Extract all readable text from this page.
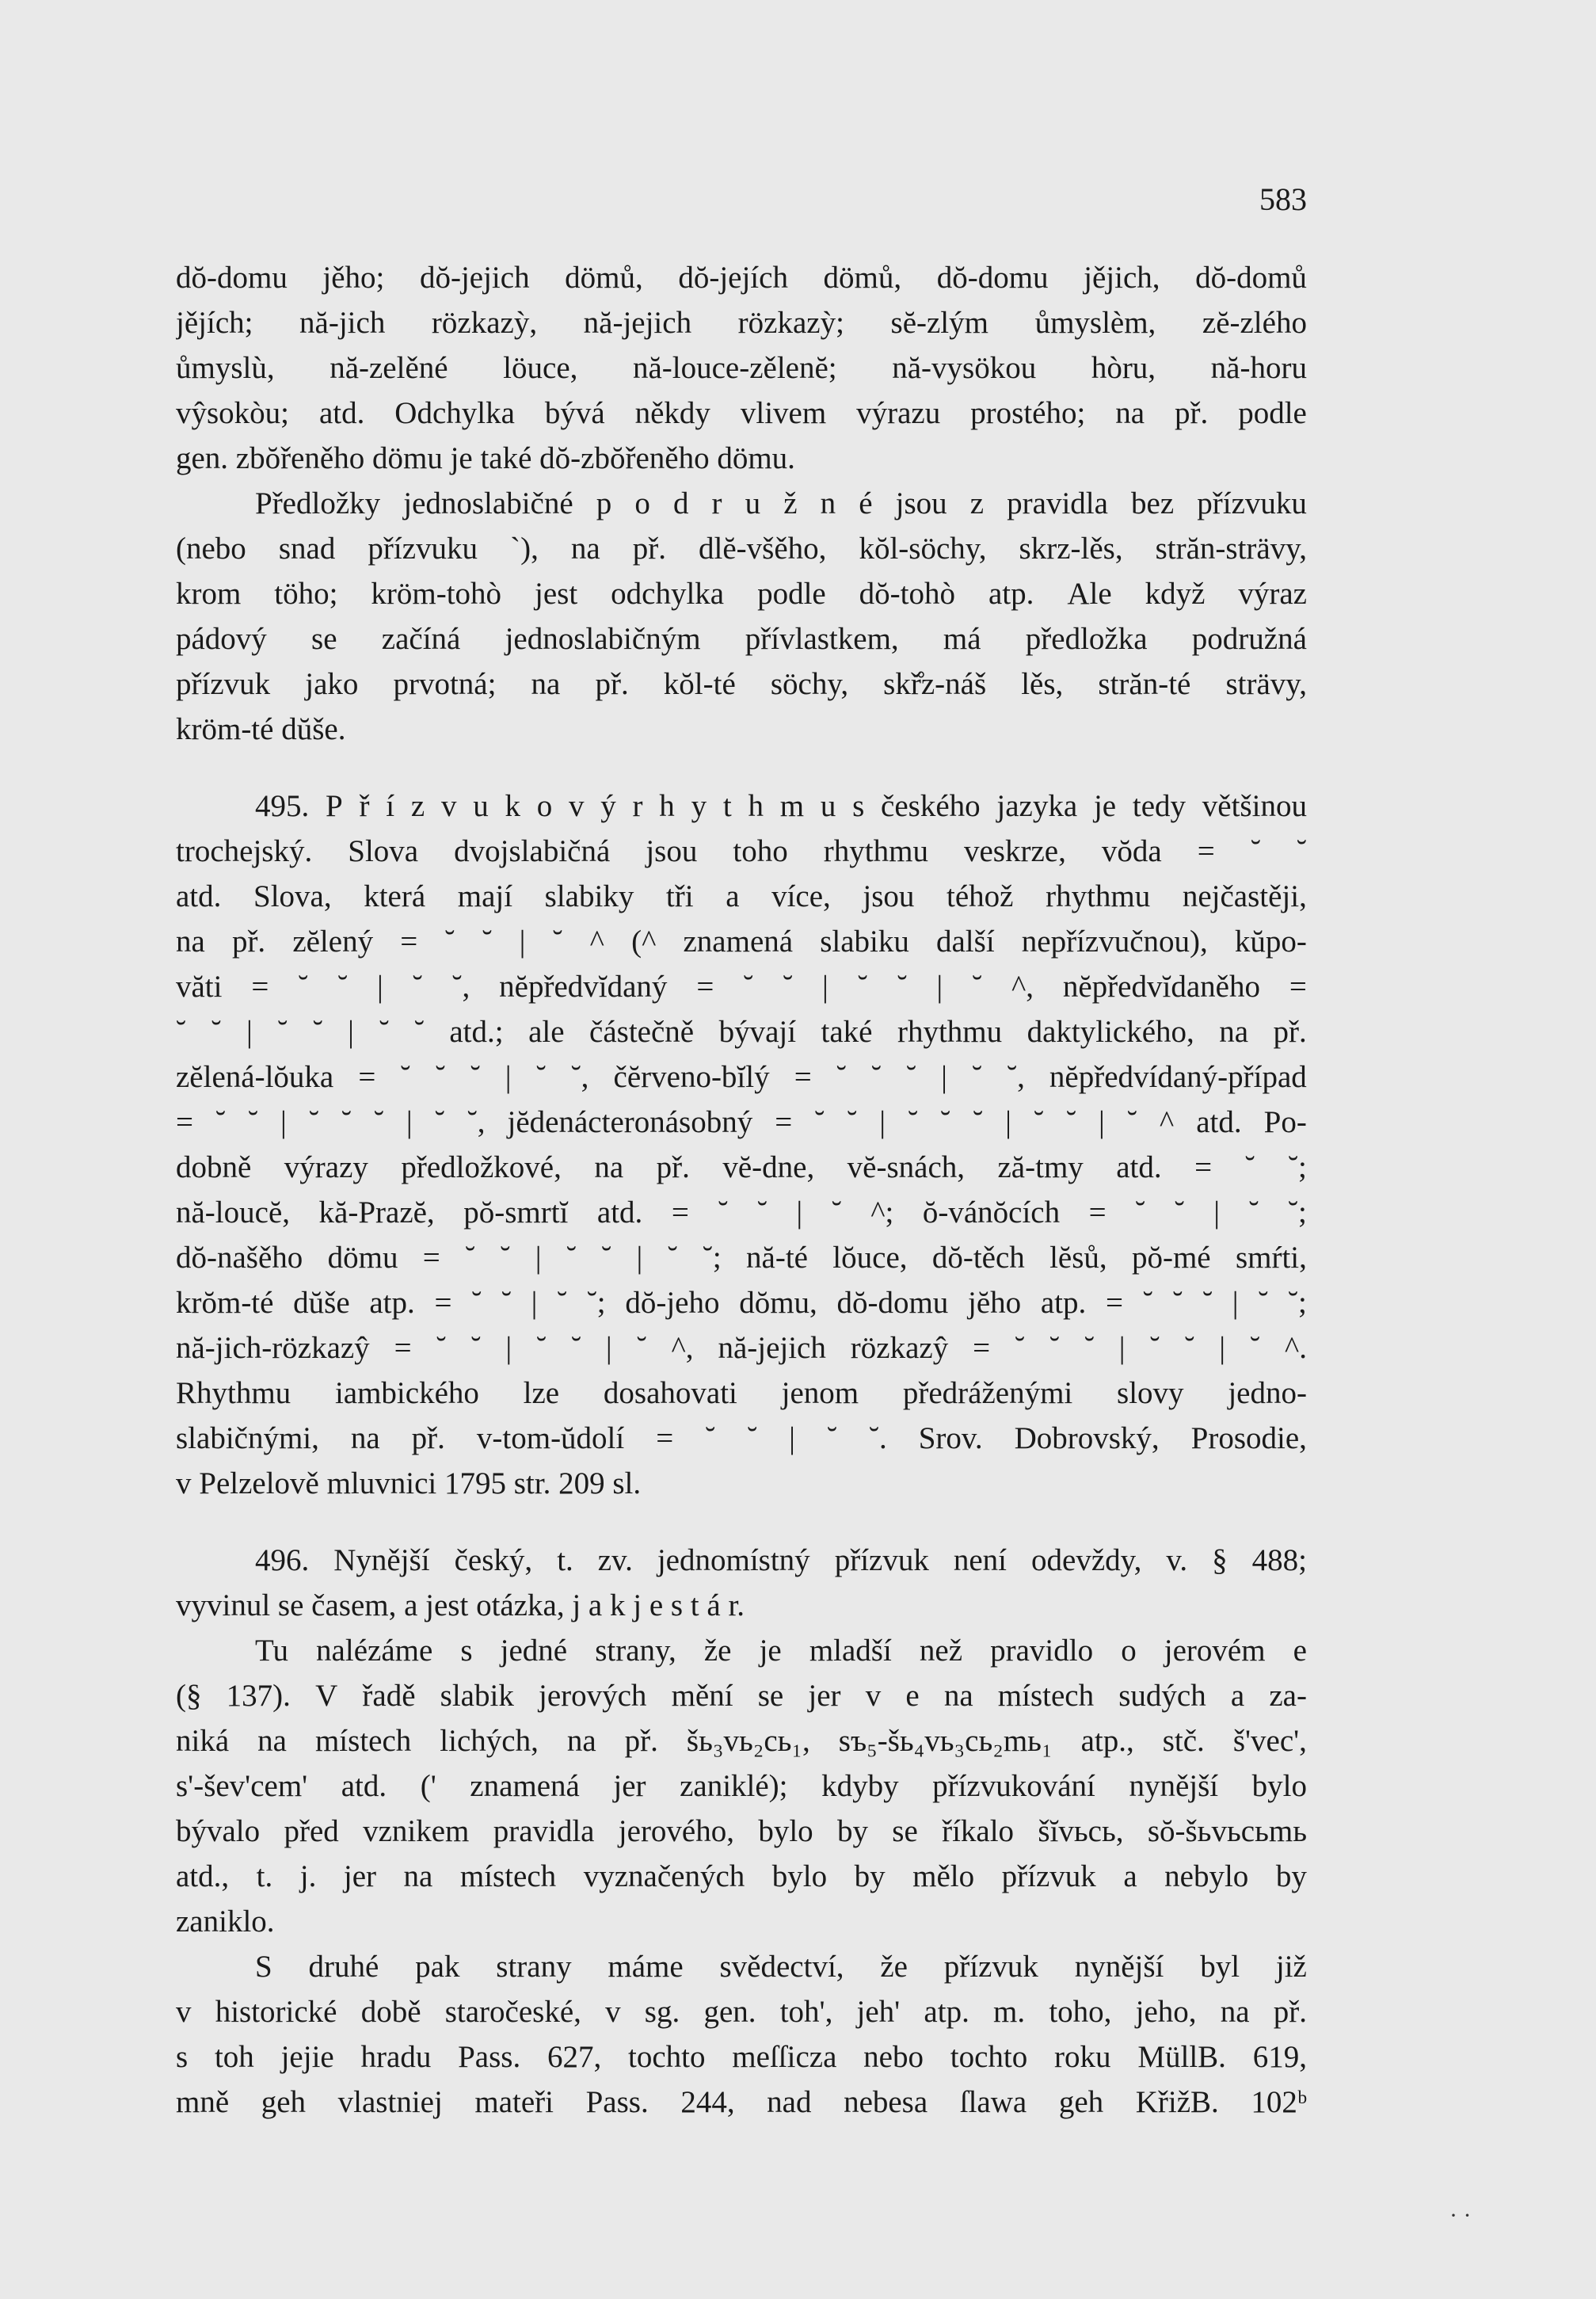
583
dŏ-domu jěho; dŏ-jejich dömů, dŏ-jejích dömů, dŏ-domu jějich, dŏ-domů
jějích; nă-jich rözkazỳ, nă-jejich rözkazỳ; sĕ-zlým ůmyslèm, zĕ-zlého
ůmyslù, nă-zelěné löuce, nă-louce-zělenĕ; nă-vysökou hòru, nă-horu
vŷsokòu; atd. Odchylka bývá někdy vlivem výrazu prostého; na př. podle
gen. zbŏřeněho dömu je také dŏ-zbŏřeněho dömu.
Předložky jednoslabičné p o d r u ž n é jsou z pravidla bez přízvuku
(nebo snad přízvuku ˋ), na př. dlĕ-všěho, kŏl-söchy, skrz-lěs, străn-strävy,
krom töho; kröm-tohò jest odchylka podle dŏ-tohò atp. Ale když výraz
pádový se začíná jednoslabičným přívlastkem, má předložka podružná
přízvuk jako prvotná; na př. kŏl-té söchy, skř̊z-náš lěs, străn-té strävy,
kröm-té dŭše.
495. P ř í z v u k o v ý r h y t h m u s českého jazyka je tedy většinou
trochejský. Slova dvojslabičná jsou toho rhythmu veskrze, vŏda = ˘ ˘
atd. Slova, která mají slabiky tři a více, jsou téhož rhythmu nejčastěji,
na př. zĕlený = ˘ ˘ | ˘ ^ (^ znamená slabiku další nepřízvučnou), kŭpo-
văti = ˘ ˘ | ˘ ˘, nĕpředvĭdaný = ˘ ˘ | ˘ ˘ | ˘ ^, nĕpředvĭdaněho =
˘ ˘ | ˘ ˘ | ˘ ˘ atd.; ale částečně bývají také rhythmu daktylického, na př.
zĕlená-lŏuka = ˘ ˘ ˘ | ˘ ˘, čĕrveno-bĭlý = ˘ ˘ ˘ | ˘ ˘, nĕpředvídaný-případ
= ˘ ˘ | ˘ ˘ ˘ | ˘ ˘, jĕdenácteronásobný = ˘ ˘ | ˘ ˘ ˘ | ˘ ˘ | ˘ ^ atd. Po-
dobně výrazy předložkové, na př. vĕ-dne, vĕ-snách, ză-tmy atd. = ˘ ˘;
nă-loucĕ, kă-Prazĕ, pŏ-smrtĭ atd. = ˘ ˘ | ˘ ^; ŏ-vánŏcích = ˘ ˘ | ˘ ˘;
dŏ-našěho dömu = ˘ ˘ | ˘ ˘ | ˘ ˘; nă-té lŏuce, dŏ-těch lĕsů, pŏ-mé smŕti,
krŏm-té dŭše atp. = ˘ ˘ | ˘ ˘; dŏ-jeho dŏmu, dŏ-domu jĕho atp. = ˘ ˘ ˘ | ˘ ˘;
nă-jich-rözkazŷ = ˘ ˘ | ˘ ˘ | ˘ ^, nă-jejich rözkazŷ = ˘ ˘ ˘ | ˘ ˘ | ˘ ^.
Rhythmu iambického lze dosahovati jenom předráženými slovy jedno-
slabičnými, na př. v-tom-ŭdolí = ˘ ˘ | ˘ ˘. Srov. Dobrovský, Prosodie,
v Pelzelově mluvnici 1795 str. 209 sl.
496. Nynější český, t. zv. jednomístný přízvuk není odevždy, v. § 488;
vyvinul se časem, a jest otázka, j a k j e s t á r.
Tu nalézáme s jedné strany, že je mladší než pravidlo o jerovém e
(§ 137). V řadě slabik jerových mění se jer v e na místech sudých a za-
niká na místech lichých, na př. šь₃vь₂сь₁, sъ₅-šь₄vь₃сь₂mь₁ atp., stč. š'vec',
s'-šev'cem' atd. (' znamená jer zaniklé); kdyby přízvukování nynější bylo
bývalo před vznikem pravidla jerového, bylo by se říkalo šĭvьcь, sŏ-šьvьcьmь
atd., t. j. jer na místech vyznačených bylo by mělo přízvuk a nebylo by
zaniklo.
S druhé pak strany máme svědectví, že přízvuk nynější byl již
v historické době staročeské, v sg. gen. toh', jeh' atp. m. toho, jeho, na př.
s toh jejie hradu Pass. 627, tochto meſſicza nebo tochto roku MüllB. 619,
mně geh vlastniej mateři Pass. 244, nad nebesa ſlawa geh KřižB. 102ᵇ
· ·
